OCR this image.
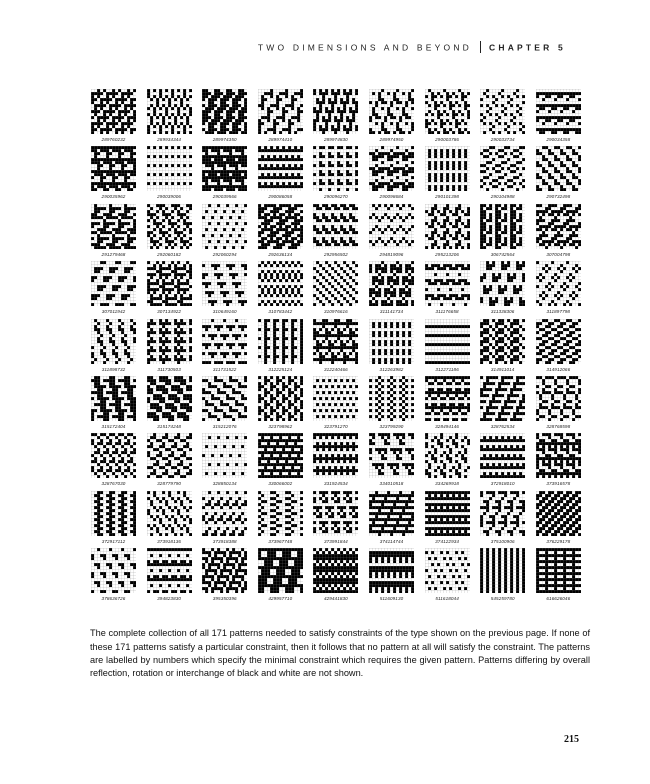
TWO DIMENSIONS AND BEYOND CHAPTER 5
289760232	289934344	289974350	289974410	289974830	289974950	290003786	290033734	290034358
290035962	290039006	290039566	290086058	290096270	290098684	290101398	290104988	290732498
291279468	292060182	292060294	292636134	292956502	294819096	295213206	306742564	307004798
307011942	307134922	310649160	310783442	310976616	311141734	311176658	311338306	311897798
311898732	311730503	311731522	312225124	312240466	312263982	312271186	314911014	314912066
315172404	315174248	315212076	323798962	323791270	323799290	328494146	328762534	328768598
328767030	328779790	328850134	330066002	331924534	334010518	334269918	372918010	373916578
372917112	373918136	373918388	373967748	373991844	374114744	374122934	375100906	376229178
378636726	394823830	395350396	429957710	429441830	511609130	511618044	545259780	616626046

The complete collection of all 171 patterns needed to satisfy constraints of the type shown on the previous page. If none of these 171 patterns satisfy a particular constraint, then it follows that no pattern at all will satisfy the constraint. The patterns are labelled by numbers which specify the minimal constraint which requires the given pattern. Patterns differing by overall reflection, rotation or interchange of black and white are not shown.

215
